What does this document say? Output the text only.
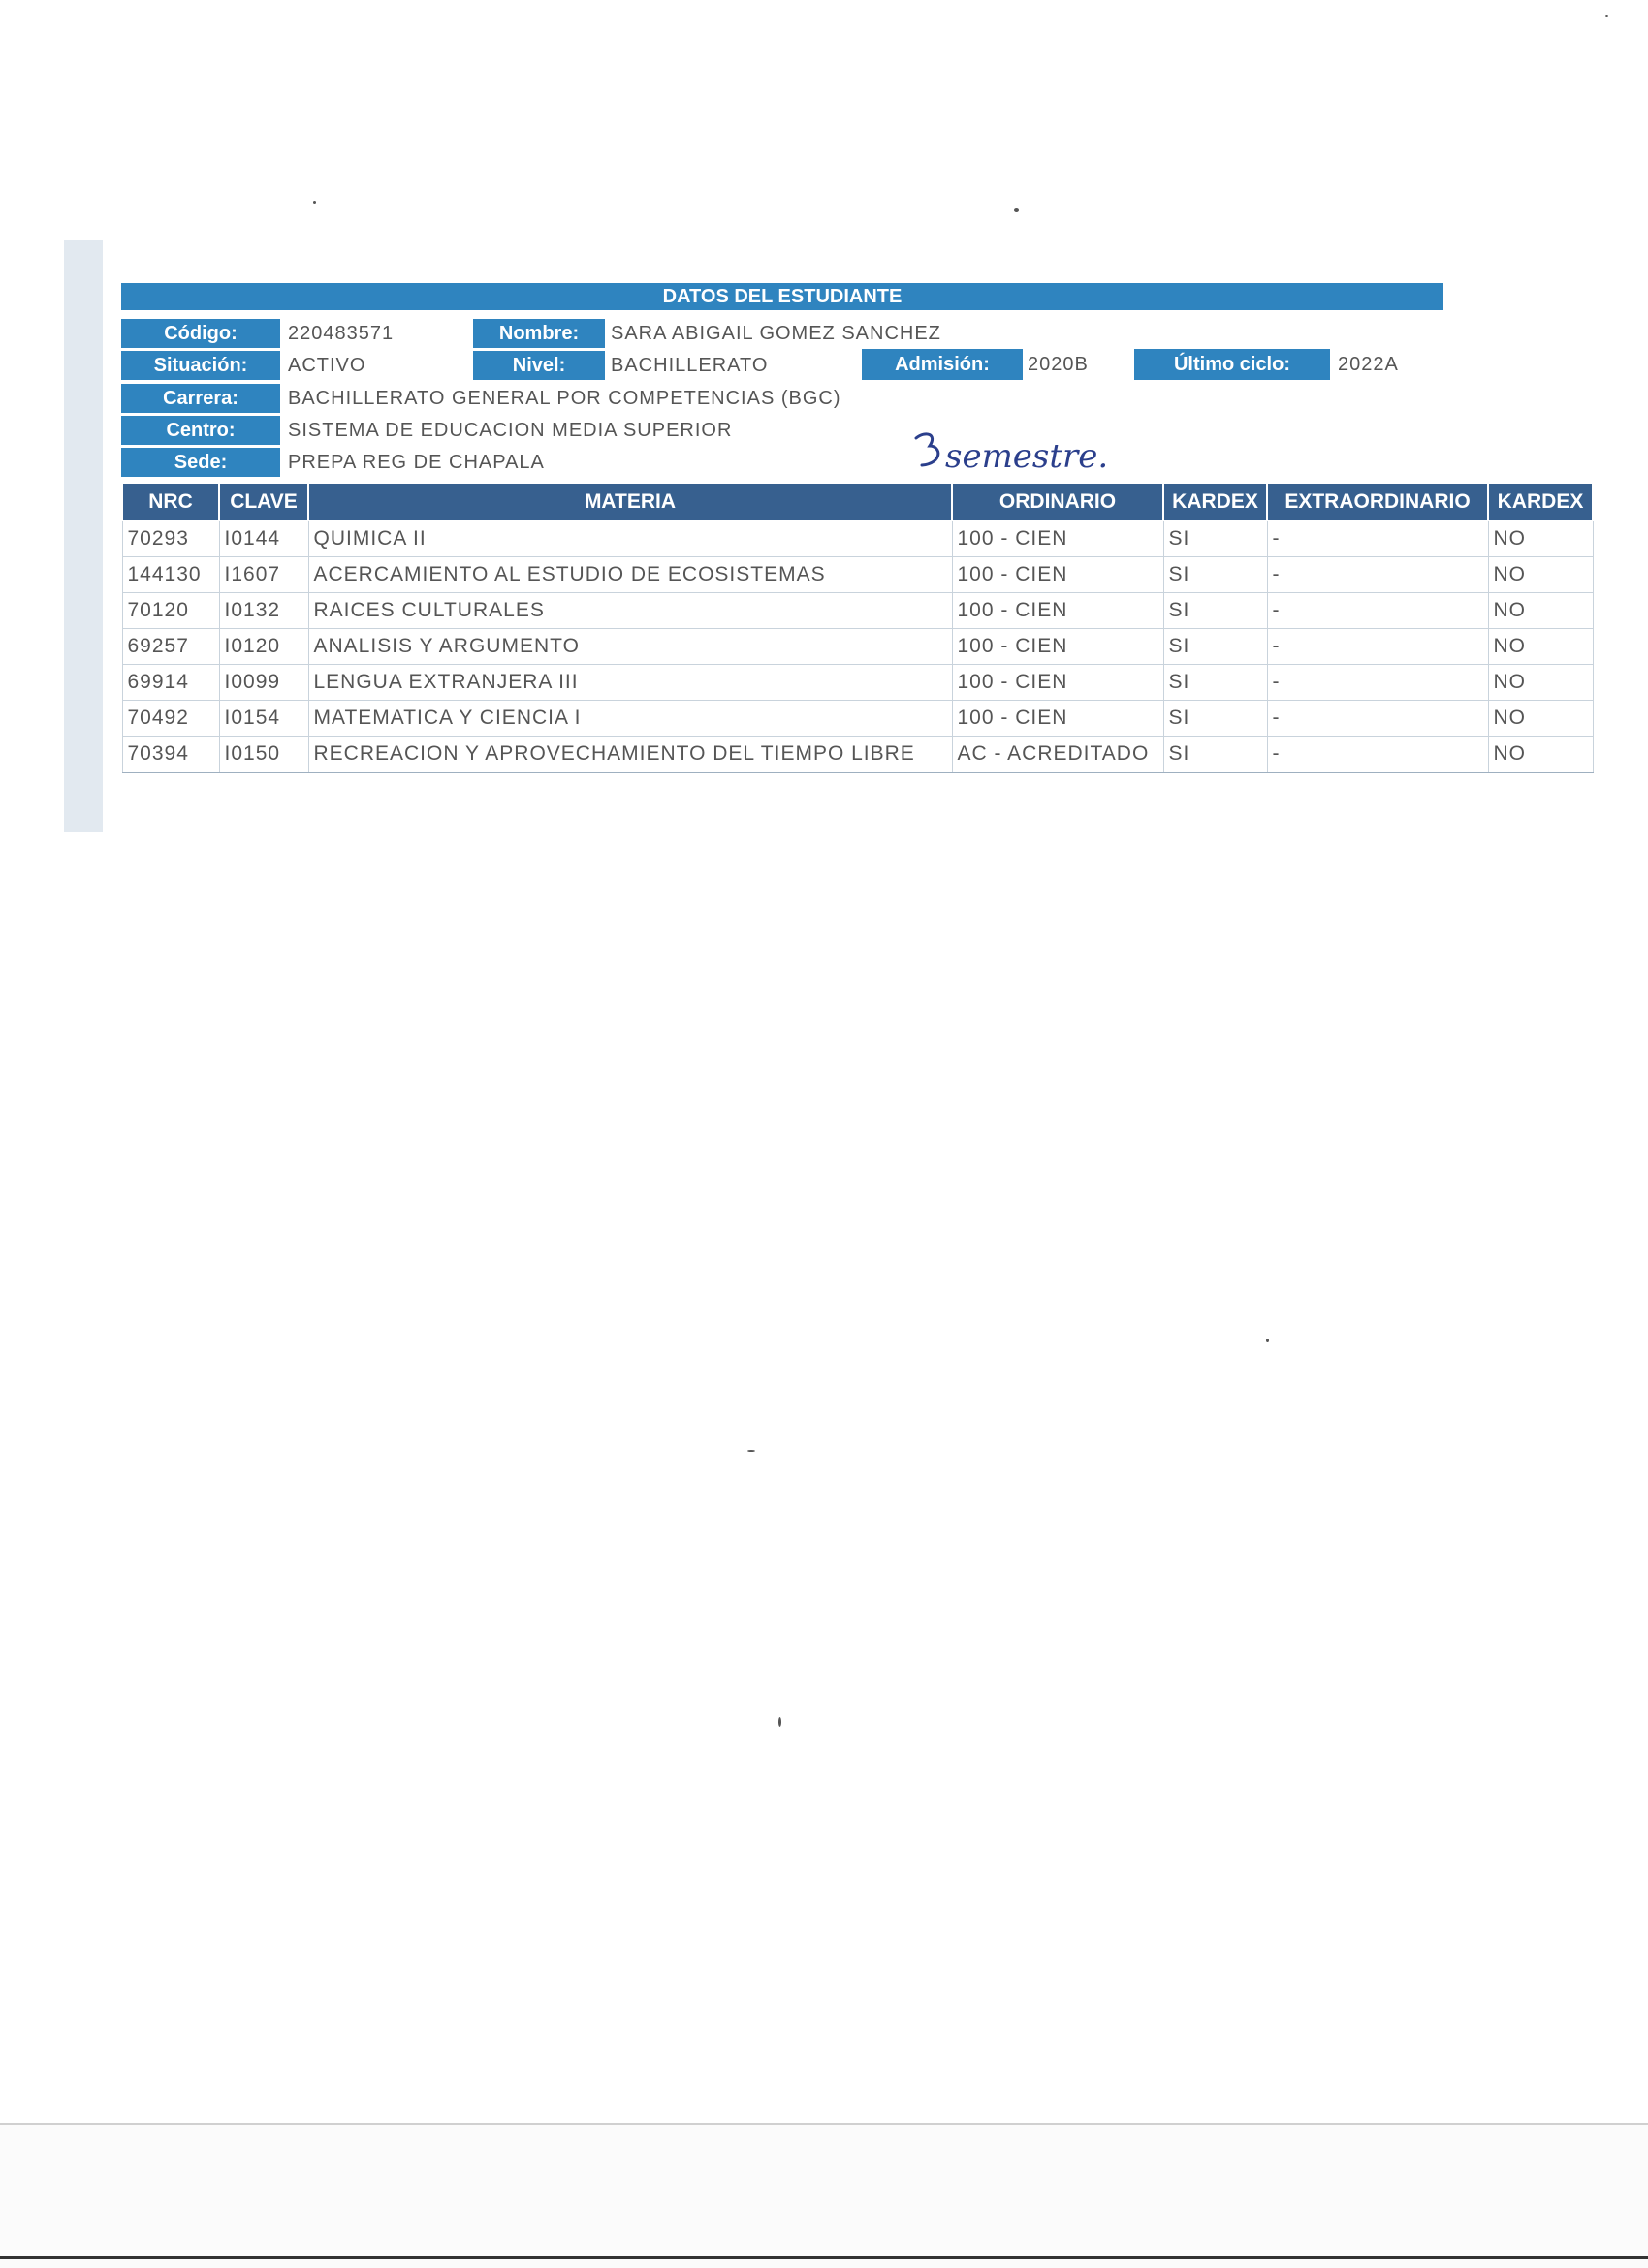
DATOS DEL ESTUDIANTE
Código:	220483571	Nombre:	SARA ABIGAIL GOMEZ SANCHEZ
Situación:	ACTIVO	Nivel:	BACHILLERATO	Admisión:	2020B	Último ciclo:	2022A
Carrera:	BACHILLERATO GENERAL POR COMPETENCIAS (BGC)
Centro:	SISTEMA DE EDUCACION MEDIA SUPERIOR
Sede:	PREPA REG DE CHAPALA	semestre.
NRC	CLAVE	MATERIA	ORDINARIO	KARDEX	EXTRAORDINARIO	KARDEX
70293	I0144	QUIMICA II	100 - CIEN	SI	-	NO
144130	I1607	ACERCAMIENTO AL ESTUDIO DE ECOSISTEMAS	100 - CIEN	SI	-	NO
70120	I0132	RAICES CULTURALES	100 - CIEN	SI	-	NO
69257	I0120	ANALISIS Y ARGUMENTO	100 - CIEN	SI	-	NO
69914	I0099	LENGUA EXTRANJERA III	100 - CIEN	SI	-	NO
70492	I0154	MATEMATICA Y CIENCIA I	100 - CIEN	SI	-	NO
70394	I0150	RECREACION Y APROVECHAMIENTO DEL TIEMPO LIBRE	AC - ACREDITADO	SI	-	NO
